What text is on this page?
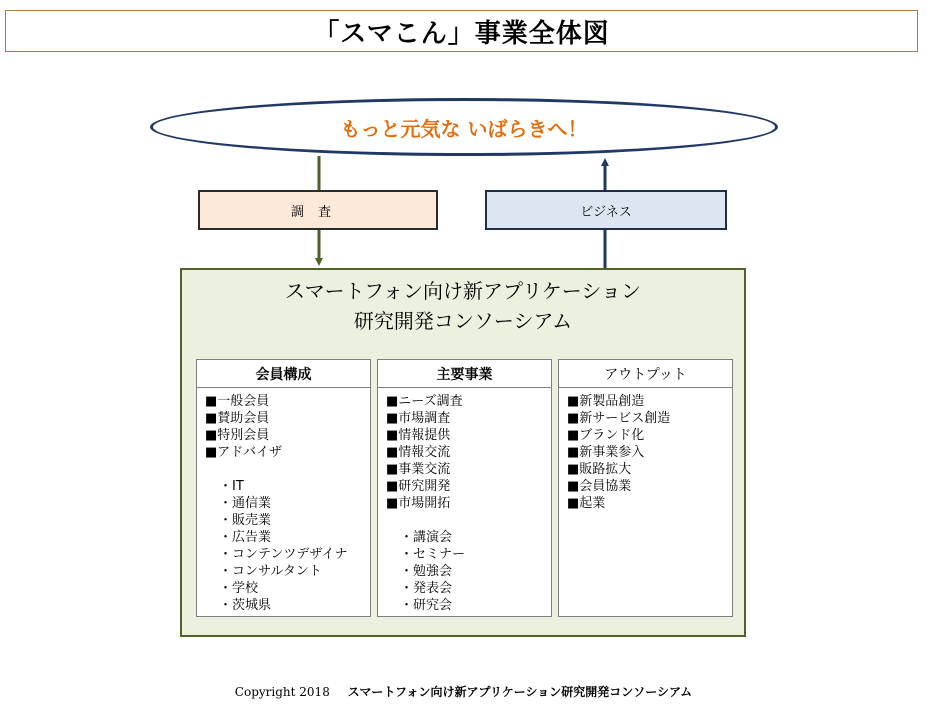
「スマこん」事業全体図
もっと元気な いばらきへ！
調査	ビジネス
スマートフォン向け新アプリケーション
研究開発コンソーシアム
会員構成
■一般会員
■賛助会員
■特別会員
■アドバイザ
・IT
・通信業
・販売業
・広告業
・コンテンツデザイナ
・コンサルタント
・学校
・茨城県
主要事業
■ニーズ調査
■市場調査
■情報提供
■情報交流
■事業交流
■研究開発
■市場開拓
・講演会
・セミナー
・勉強会
・発表会
・研究会
アウトプット
■新製品創造
■新サービス創造
■ブランド化
■新事業参入
■販路拡大
■会員協業
■起業
Copyright 2018 スマートフォン向け新アプリケーション研究開発コンソーシアム
